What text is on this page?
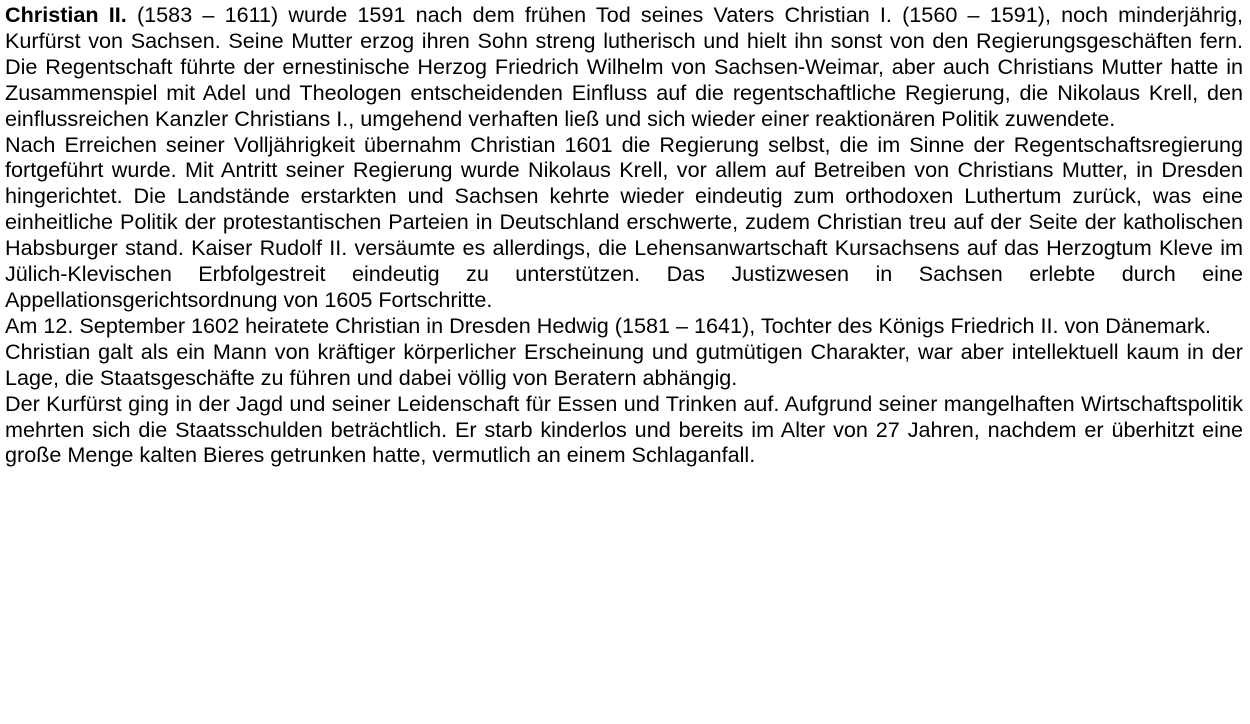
Christian II. (1583 – 1611) wurde 1591 nach dem frühen Tod seines Vaters Christian I. (1560 – 1591), noch minderjährig, Kurfürst von Sachsen. Seine Mutter erzog ihren Sohn streng lutherisch und hielt ihn sonst von den Regierungsgeschäften fern. Die Regentschaft führte der ernestinische Herzog Friedrich Wilhelm von Sachsen-Weimar, aber auch Christians Mutter hatte in Zusammenspiel mit Adel und Theologen entscheidenden Einfluss auf die regentschaftliche Regierung, die Nikolaus Krell, den einflussreichen Kanzler Christians I., umgehend verhaften ließ und sich wieder einer reaktionären Politik zuwendete.

Nach Erreichen seiner Volljährigkeit übernahm Christian 1601 die Regierung selbst, die im Sinne der Regentschaftsregierung fortgeführt wurde. Mit Antritt seiner Regierung wurde Nikolaus Krell, vor allem auf Betreiben von Christians Mutter, in Dresden hingerichtet. Die Landstände erstarkten und Sachsen kehrte wieder eindeutig zum orthodoxen Luthertum zurück, was eine einheitliche Politik der protestantischen Parteien in Deutschland erschwerte, zudem Christian treu auf der Seite der katholischen Habsburger stand. Kaiser Rudolf II. versäumte es allerdings, die Lehensanwartschaft Kursachsens auf das Herzogtum Kleve im Jülich-Klevischen Erbfolgestreit eindeutig zu unterstützen. Das Justizwesen in Sachsen erlebte durch eine Appellationsgerichtsordnung von 1605 Fortschritte.

Am 12. September 1602 heiratete Christian in Dresden Hedwig (1581 – 1641), Tochter des Königs Friedrich II. von Dänemark.

Christian galt als ein Mann von kräftiger körperlicher Erscheinung und gutmütigen Charakter, war aber intellektuell kaum in der Lage, die Staatsgeschäfte zu führen und dabei völlig von Beratern abhängig.

Der Kurfürst ging in der Jagd und seiner Leidenschaft für Essen und Trinken auf. Aufgrund seiner mangelhaften Wirtschaftspolitik mehrten sich die Staatsschulden beträchtlich. Er starb kinderlos und bereits im Alter von 27 Jahren, nachdem er überhitzt eine große Menge kalten Bieres getrunken hatte, vermutlich an einem Schlaganfall.
